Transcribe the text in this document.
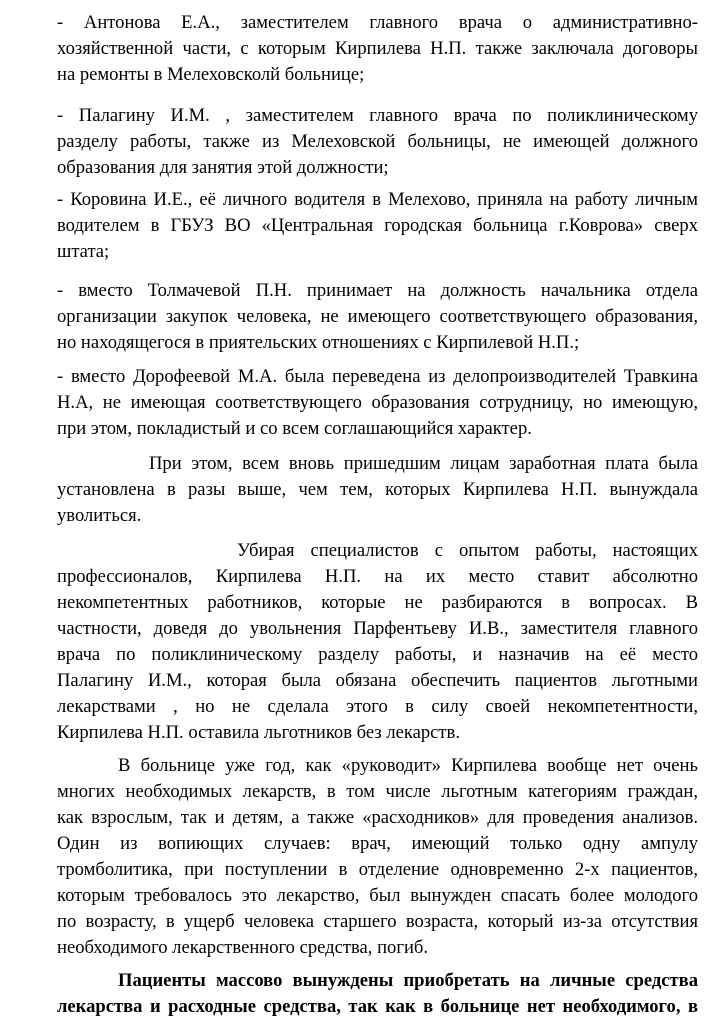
- Антонова Е.А., заместителем главного врача о административно-
хозяйственной части, с которым Кирпилева Н.П. также заключала договоры
на ремонты в Мелеховсколй больнице;
- Палагину И.М. , заместителем главного врача по поликлиническому
разделу работы, также из Мелеховской больницы, не имеющей должного
образования для занятия этой должности;
- Коровина И.Е., её личного водителя в Мелехово, приняла на работу личным
водителем в ГБУЗ ВО «Центральная городская больница г.Коврова» сверх
штата;
- вместо Толмачевой П.Н. принимает на должность начальника отдела
организации закупок человека, не имеющего соответствующего образования,
но находящегося в приятельских отношениях с Кирпилевой Н.П.;
- вместо Дорофеевой М.А. была переведена из делопроизводителей Травкина
Н.А, не имеющая соответствующего образования сотрудницу, но имеющую,
при этом, покладистый и со всем соглашающийся характер.
При этом, всем вновь пришедшим лицам заработная плата была
установлена в разы выше, чем тем, которых Кирпилева Н.П. вынуждала
уволиться.
Убирая специалистов с опытом работы, настоящих
профессионалов, Кирпилева Н.П. на их место ставит абсолютно
некомпетентных работников, которые не разбираются в вопросах. В
частности, доведя до увольнения Парфентьеву И.В., заместителя главного
врача по поликлиническому разделу работы, и назначив на её место
Палагину И.М., которая была обязана обеспечить пациентов льготными
лекарствами , но не сделала этого в силу своей некомпетентности,
Кирпилева Н.П. оставила льготников без лекарств.
В больнице уже год, как «руководит» Кирпилева вообще нет очень
многих необходимых лекарств, в том числе льготным категориям граждан,
как взрослым, так и детям, а также «расходников» для проведения анализов.
Один из вопиющих случаев: врач, имеющий только одну ампулу
тромболитика, при поступлении в отделение одновременно 2-х пациентов,
которым требовалось это лекарство, был вынужден спасать более молодого
по возрасту, в ущерб человека старшего возраста, который из-за отсутствия
необходимого лекарственного средства, погиб.
Пациенты массово вынуждены приобретать на личные средства
лекарства и расходные средства, так как в больнице нет необходимого, в
